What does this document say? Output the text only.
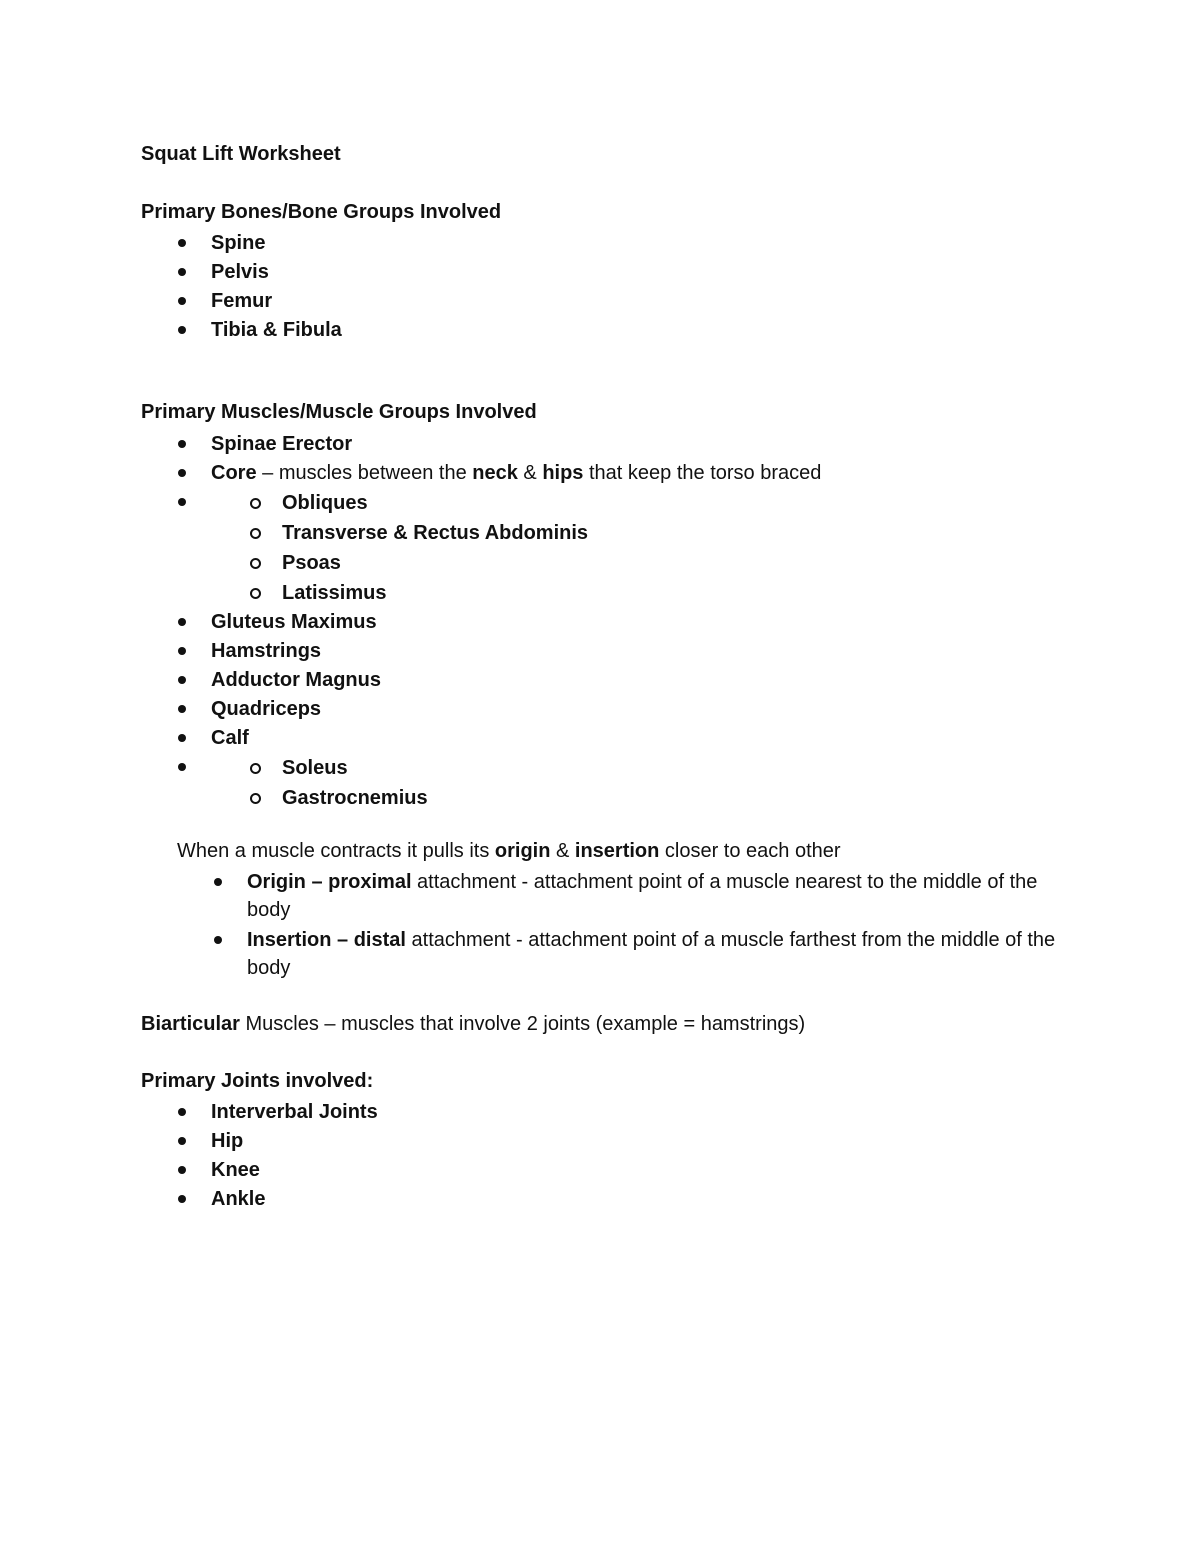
Squat Lift Worksheet
Primary Bones/Bone Groups Involved
Spine
Pelvis
Femur
Tibia & Fibula
Primary Muscles/Muscle Groups Involved
Spinae Erector
Core – muscles between the neck & hips that keep the torso braced
Obliques
Transverse & Rectus Abdominis
Psoas
Latissimus
Gluteus Maximus
Hamstrings
Adductor Magnus
Quadriceps
Calf
Soleus
Gastrocnemius
When a muscle contracts it pulls its origin & insertion closer to each other
Origin – proximal attachment - attachment point of a muscle nearest to the middle of the body
Insertion – distal attachment - attachment point of a muscle farthest from the middle of the body
Biarticular Muscles – muscles that involve 2 joints (example = hamstrings)
Primary Joints involved:
Interverbal Joints
Hip
Knee
Ankle
